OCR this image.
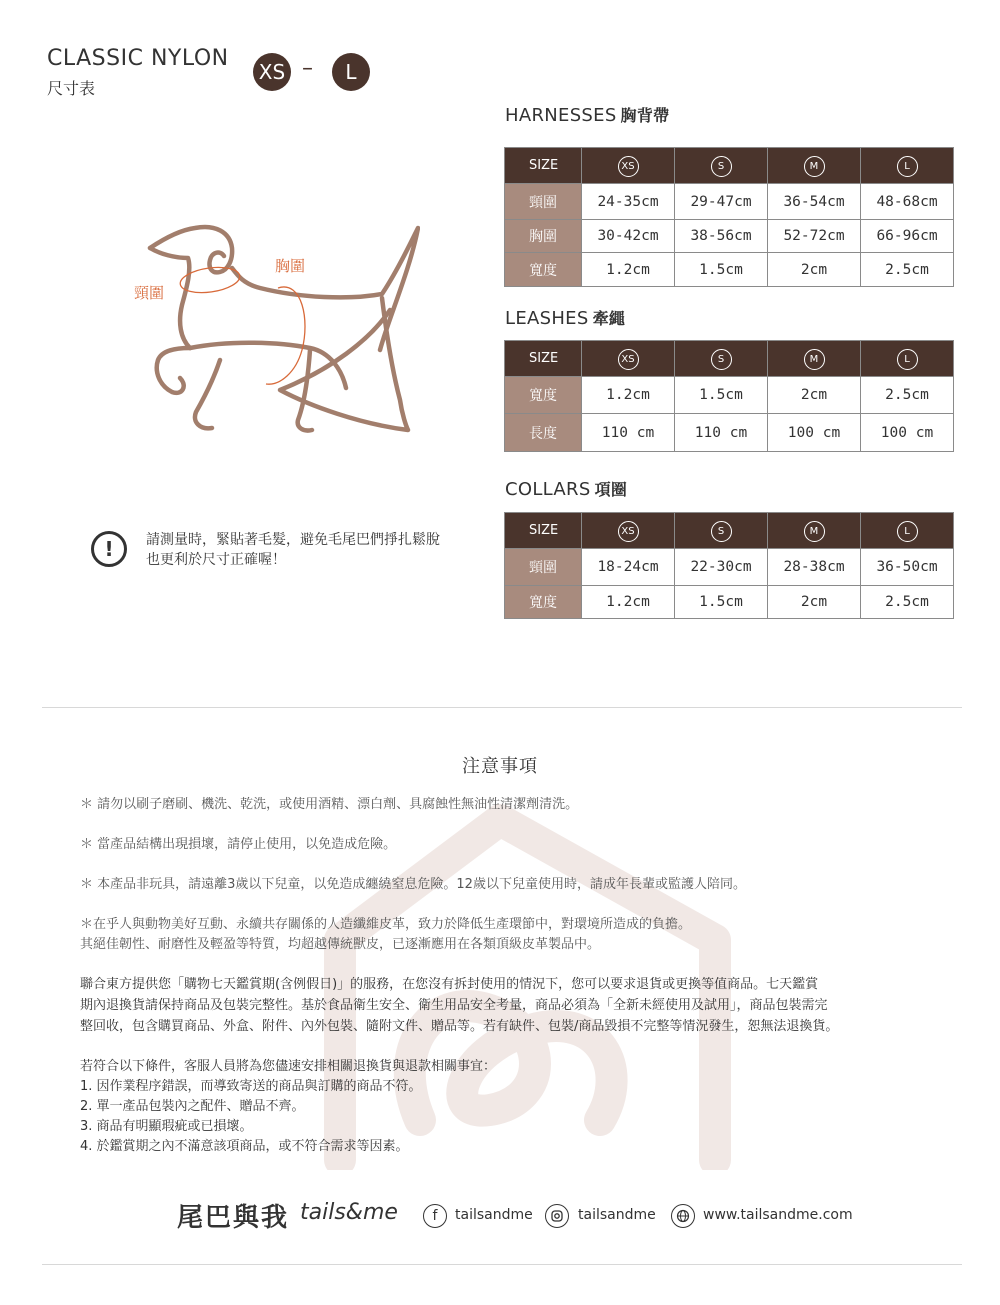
CLASSIC NYLON
尺寸表
XS –	L
頸圍
胸圍
!	請測量時，緊貼著毛髮，避免毛尾巴們掙扎鬆脫
也更利於尺寸正確喔！
HARNESSES 胸背帶
SIZE	XS	S	M	L
頸圍	24-35cm	29-47cm	36-54cm	48-68cm
胸圍	30-42cm	38-56cm	52-72cm	66-96cm
寬度	1.2cm	1.5cm	2cm	2.5cm
LEASHES 牽繩
SIZE	XS	S	M	L
寬度	1.2cm	1.5cm	2cm	2.5cm
長度	110 cm	110 cm	100 cm	100 cm
COLLARS 項圈
SIZE	XS	S	M	L
頸圍	18-24cm	22-30cm	28-38cm	36-50cm
寬度	1.2cm	1.5cm	2cm	2.5cm
注意事項
＊ 請勿以刷子磨刷、機洗、乾洗，或使用酒精、漂白劑、具腐蝕性無油性清潔劑清洗。
＊ 當產品結構出現損壞，請停止使用，以免造成危險。
＊ 本產品非玩具，請遠離3歲以下兒童，以免造成纏繞窒息危險。12歲以下兒童使用時，請成年長輩或監護人陪同。
＊在乎人與動物美好互動、永續共存關係的人造纖維皮革，致力於降低生產環節中，對環境所造成的負擔。
其絕佳韌性、耐磨性及輕盈等特質，均超越傳統獸皮，已逐漸應用在各類頂級皮革製品中。
聯合東方提供您「購物七天鑑賞期(含例假日)」的服務，在您沒有拆封使用的情況下，您可以要求退貨或更換等值商品。七天鑑賞
期內退換貨請保持商品及包裝完整性。基於食品衛生安全、衛生用品安全考量，商品必須為「全新未經使用及試用」，商品包裝需完
整回收，包含購買商品、外盒、附件、內外包裝、隨附文件、贈品等。若有缺件、包裝/商品毀損不完整等情況發生，恕無法退換貨。
若符合以下條件，客服人員將為您儘速安排相關退換貨與退款相關事宜：
1. 因作業程序錯誤，而導致寄送的商品與訂購的商品不符。
2. 單一產品包裝內之配件、贈品不齊。
3. 商品有明顯瑕疵或已損壞。
4. 於鑑賞期之內不滿意該項商品，或不符合需求等因素。
尾巴與我 tails&me	f	tailsandme	tailsandme	www.tailsandme.com
